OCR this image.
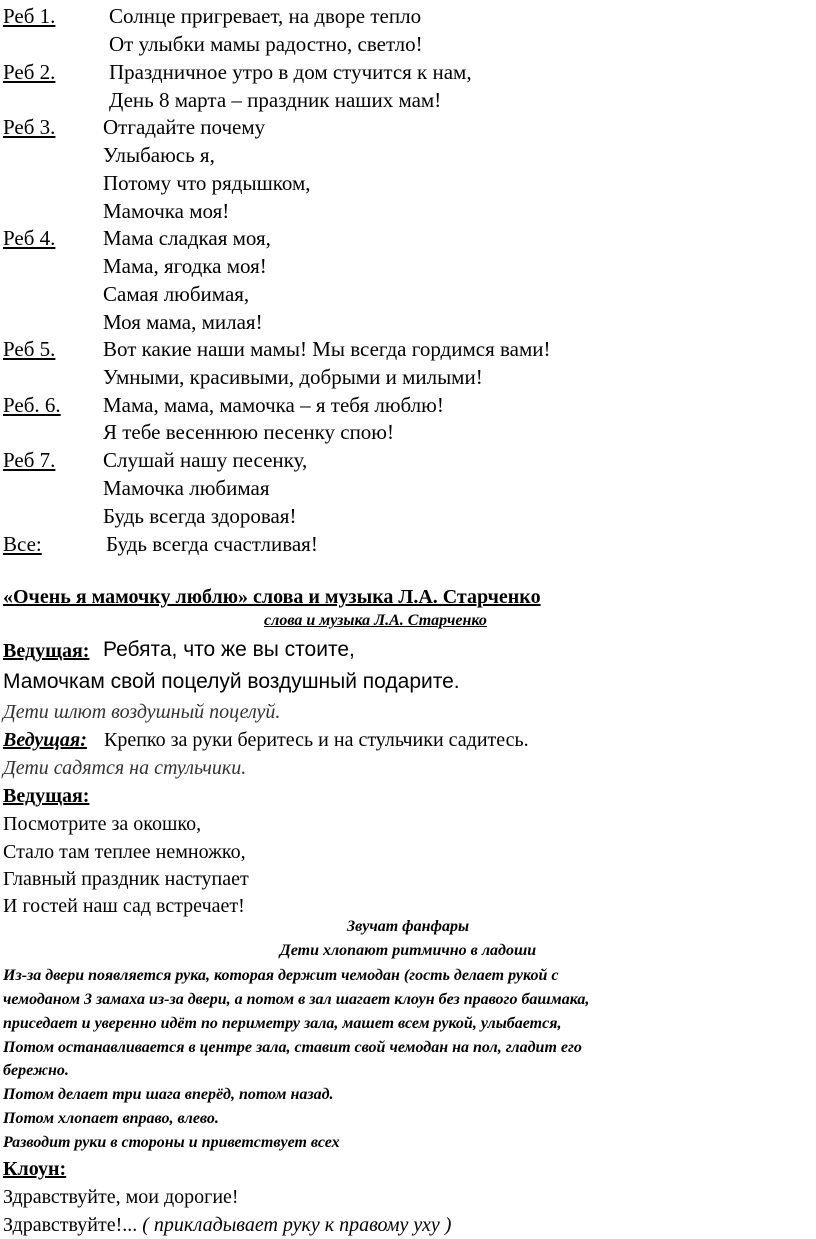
Реб 1.	Солнце пригревает, на дворе тепло
От улыбки мамы радостно, светло!
Реб 2.	Праздничное утро в дом стучится к нам,
День 8 марта – праздник наших мам!
Реб 3. Отгадайте почему
Улыбаюсь я,
Потому что рядышком,
Мамочка моя!
Реб 4. Мама сладкая моя,
Мама, ягодка моя!
Самая любимая,
Моя мама, милая!
Реб 5. Вот какие наши мамы! Мы всегда гордимся вами!
Умными, красивыми, добрыми и милыми!
Реб. 6. Мама, мама, мамочка – я тебя люблю!
Я тебе весеннюю песенку спою!
Реб 7. Слушай нашу песенку,
Мамочка любимая
Будь всегда здоровая!
Все:	Будь всегда счастливая!
«Очень я мамочку люблю» слова и музыка Л.А. Старченко
слова и музыка Л.А. Старченко
Ведущая: Ребята, что же вы стоите,
Мамочкам свой поцелуй воздушный подарите.
Дети шлют воздушный поцелуй.
Ведущая: Крепко за руки беритесь и на стульчики садитесь.
Дети садятся на стульчики.
Ведущая:
Посмотрите за окошко,
Стало там теплее немножко,
Главный праздник наступает
И гостей наш сад встречает!
Звучат фанфары
Дети хлопают ритмично в ладоши
Из-за двери появляется рука, которая держит чемодан (гость делает рукой с
чемоданом 3 замаха из-за двери, а потом в зал шагает клоун без правого башмака,
приседает и уверенно идёт по периметру зала, машет всем рукой, улыбается,
Потом останавливается в центре зала, ставит свой чемодан на пол, гладит его
бережно.
Потом делает три шага вперёд, потом назад.
Потом хлопает вправо, влево.
Разводит руки в стороны и приветствует всех
Клоун:
Здравствуйте, мои дорогие!
Здравствуйте!... ( прикладывает руку к правому уху )
